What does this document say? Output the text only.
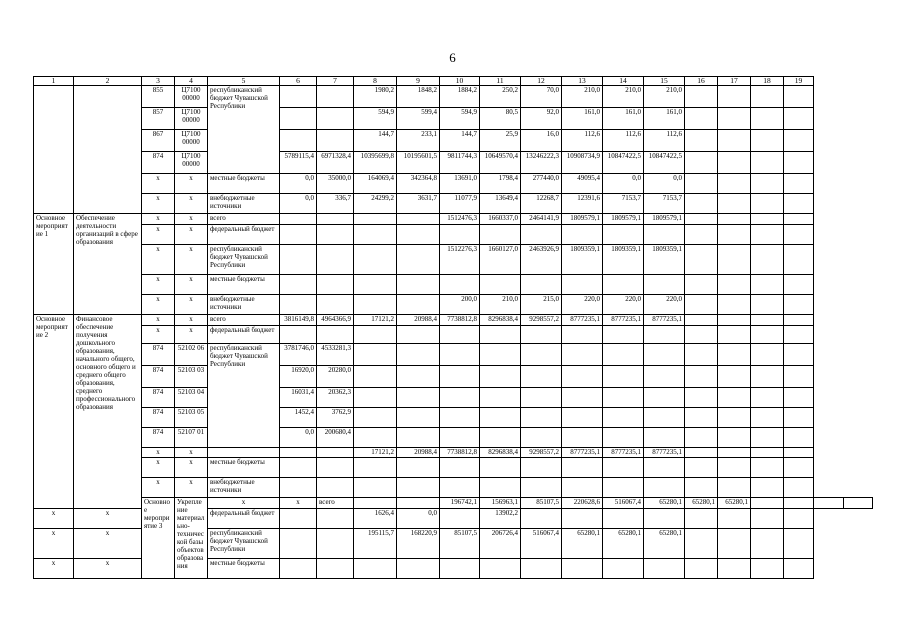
6
1	2	3	4	5	6	7	8	9	10	11	12	13	14	15	16	17	18	19		
		855	Ц7100 00000	республиканский бюджет Чувашской Республики			1980,2	1848,2	1884,2	250,2	70,0	210,0	210,0	210,0						
		857	Ц7100 00000				594,9	599,4	594,9	80,5	92,0	161,0	161,0	161,0						
		867	Ц7100 00000				144,7	233,1	144,7	25,9	16,0	112,6	112,6	112,6						
		874	Ц7100 00000		5789115,4	6971328,4	10395699,8	10195601,5	9811744,3	10649570,4	13246222,3	10908734,9	10847422,5	10847422,5						
		х	х	местные бюджеты	0,0	35000,0	164069,4	342364,8	13691,0	1798,4	277440,0	49095,4	0,0	0,0						
		х	х	внебюджетные источники	0,0	336,7	24299,2	3631,7	11077,9	13649,4	12268,7	12391,6	7153,7	7153,7						
Основное мероприятие 1	Обеспечение деятельности организаций в сфере образования	х	х	всего					1512476,3	1660337,0	2464141,9	1809579,1	1809579,1	1809579,1						
		х	х	федеральный бюджет																
		х	х	республиканский бюджет Чувашской Республики					1512276,3	1660127,0	2463926,9	1809359,1	1809359,1	1809359,1						
		х	х	местные бюджеты																
		х	х	внебюджетные источники					200,0	210,0	215,0	220,0	220,0	220,0						
Основное мероприятие 2	Финансовое обеспечение получения дошкольного образования, начального общего, основного общего и среднего общего образования, среднего профессионального образования	х	х	всего	3816149,8	4964366,9	17121,2	20988,4	7738812,8	8296838,4	9298557,2	8777235,1	8777235,1	8777235,1						
		х	х	федеральный бюджет																
		874	52102 06	республиканский бюджет Чувашской Республики	3781746,0	4533281,3														
		874	52103 03		16920,0	20280,0														
		874	52103 04		16031,4	20362,3														
		874	52103 05		1452,4	3762,9														
		874	52107 01		0,0	200680,4														
		х	х				17121,2	20988,4	7738812,8	8296838,4	9298557,2	8777235,1	8777235,1	8777235,1						
		х	х	местные бюджеты																
		х	х	внебюджетные источники																
		Основное мероприятие 3	Укрепление материально-технической базы объектов образования	х	х	всего			196742,1	156963,1	85107,5	220628,6	516067,4	65280,1	65280,1	65280,1				
х	х			федеральный бюджет			1626,4	0,0		13902,2										
х	х			республиканский бюджет Чувашской Республики			195115,7	168220,9	85107,5	206726,4	516067,4	65280,1	65280,1	65280,1						
х	х			местные бюджеты																
